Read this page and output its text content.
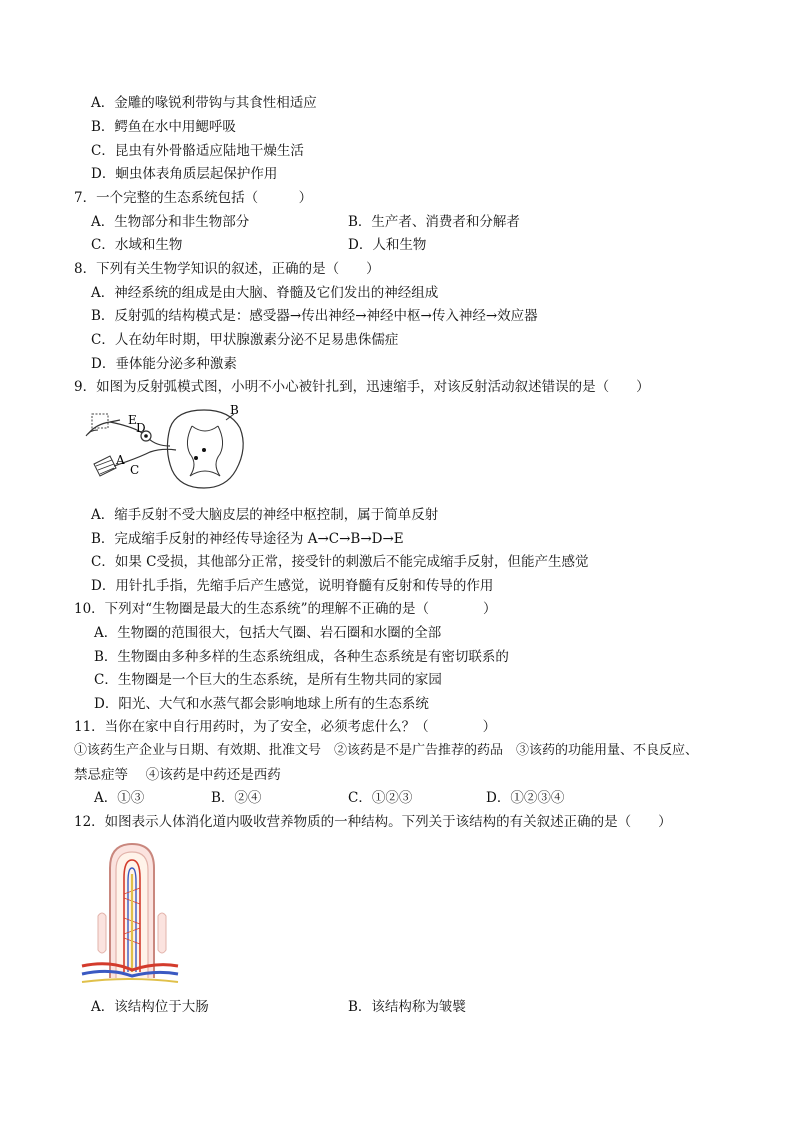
A．金雕的喙锐利带钩与其食性相适应
B．鳄鱼在水中用鳃呼吸
C．昆虫有外骨骼适应陆地干燥生活
D．蛔虫体表角质层起保护作用
7．一个完整的生态系统包括（　　　）
A．生物部分和非生物部分	B．生产者、消费者和分解者
C．水域和生物	D．人和生物
8．下列有关生物学知识的叙述，正确的是（　　）
A．神经系统的组成是由大脑、脊髓及它们发出的神经组成
B．反射弧的结构模式是：感受器→传出神经→神经中枢→传入神经→效应器
C．人在幼年时期，甲状腺激素分泌不足易患侏儒症
D．垂体能分泌多种激素
9．如图为反射弧模式图，小明不小心被针扎到，迅速缩手，对该反射活动叙述错误的是（　　）
D
E
B
A
C
A．缩手反射不受大脑皮层的神经中枢控制，属于简单反射
B．完成缩手反射的神经传导途径为 A→C→B→D→E
C．如果 C受损，其他部分正常，接受针的刺激后不能完成缩手反射，但能产生感觉
D．用针扎手指，先缩手后产生感觉，说明脊髓有反射和传导的作用
10．下列对“生物圈是最大的生态系统”的理解不正确的是（　　　　）
A．生物圈的范围很大，包括大气圈、岩石圈和水圈的全部
B．生物圈由多种多样的生态系统组成，各种生态系统是有密切联系的
C．生物圈是一个巨大的生态系统，是所有生物共同的家园
D．阳光、大气和水蒸气都会影响地球上所有的生态系统
11．当你在家中自行用药时，为了安全，必须考虑什么？（　　　　）
①该药生产企业与日期、有效期、批准文号　②该药是不是广告推荐的药品　③该药的功能用量、不良反应、
禁忌症等　 ④该药是中药还是西药
A．①③	B．②④	C．①②③	D．①②③④
12．如图表示人体消化道内吸收营养物质的一种结构。下列关于该结构的有关叙述正确的是（　　）
A．该结构位于大肠	B．该结构称为皱襞
